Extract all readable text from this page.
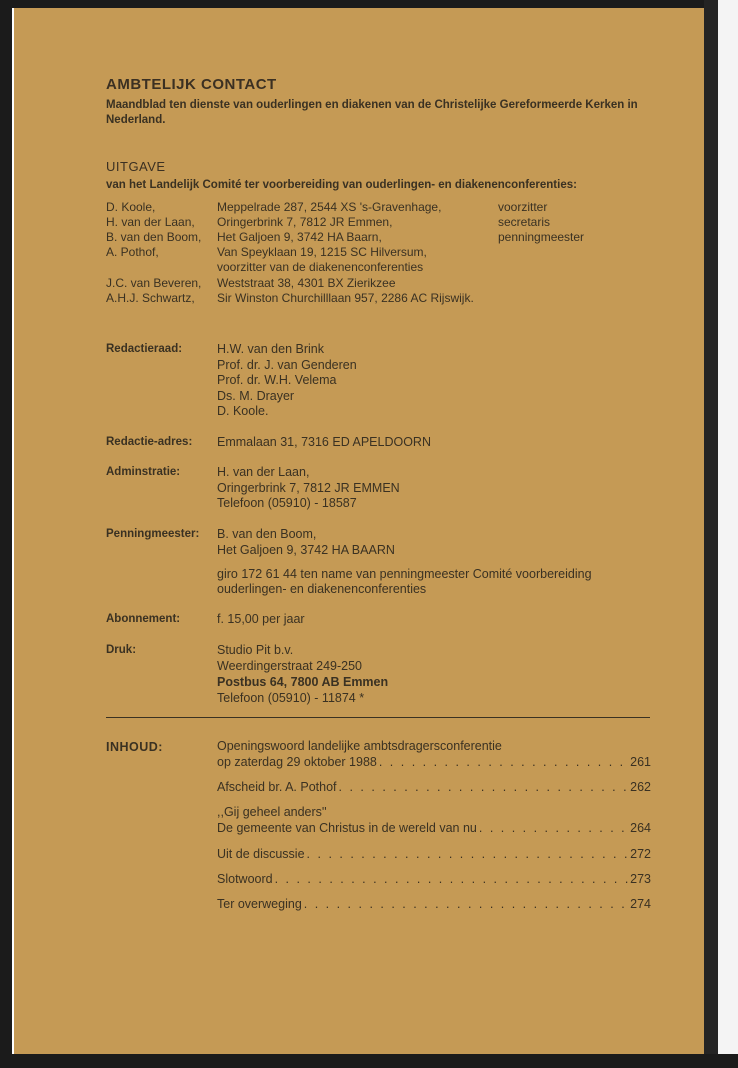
AMBTELIJK CONTACT
Maandblad ten dienste van ouderlingen en diakenen van de Christelijke Gereformeerde Kerken in Nederland.
UITGAVE
van het Landelijk Comité ter voorbereiding van ouderlingen- en diakenenconferenties:
D. Koole,	Meppelrade 287, 2544 XS 's-Gravenhage,	voorzitter
H. van der Laan, Oringerbrink 7, 7812 JR Emmen,	secretaris
B. van den Boom, Het Galjoen 9, 3742 HA Baarn,	penningmeester
A. Pothof,	Van Speyklaan 19, 1215 SC Hilversum,
voorzitter van de diakenenconferenties
J.C. van Beveren, Weststraat 38, 4301 BX Zierikzee
A.H.J. Schwartz, Sir Winston Churchilllaan 957, 2286 AC Rijswijk.
Redactieraad:	H.W. van den Brink
Prof. dr. J. van Genderen
Prof. dr. W.H. Velema
Ds. M. Drayer
D. Koole.
Redactie-adres: Emmalaan 31, 7316 ED APELDOORN
Adminstratie:	H. van der Laan,
Oringerbrink 7, 7812 JR EMMEN
Telefoon (05910) - 18587
Penningmeester: B. van den Boom,
Het Galjoen 9, 3742 HA BAARN
giro 172 61 44 ten name van penningmeester Comité voorbereiding
ouderlingen- en diakenenconferenties
Abonnement:	f. 15,00 per jaar
Druk:	Studio Pit b.v.
Weerdingerstraat 249-250
Postbus 64, 7800 AB Emmen
Telefoon (05910) - 11874 *
INHOUD:	Openingswoord landelijke ambtsdragersconferentie
op zaterdag 29 oktober 1988 . . .	261
Afscheid br. A. Pothof . . .	262
,,Gij geheel anders''
De gemeente van Christus in de wereld van nu . . .	264
Uit de discussie . . .	272
Slotwoord . . .	273
Ter overweging . . .	274
